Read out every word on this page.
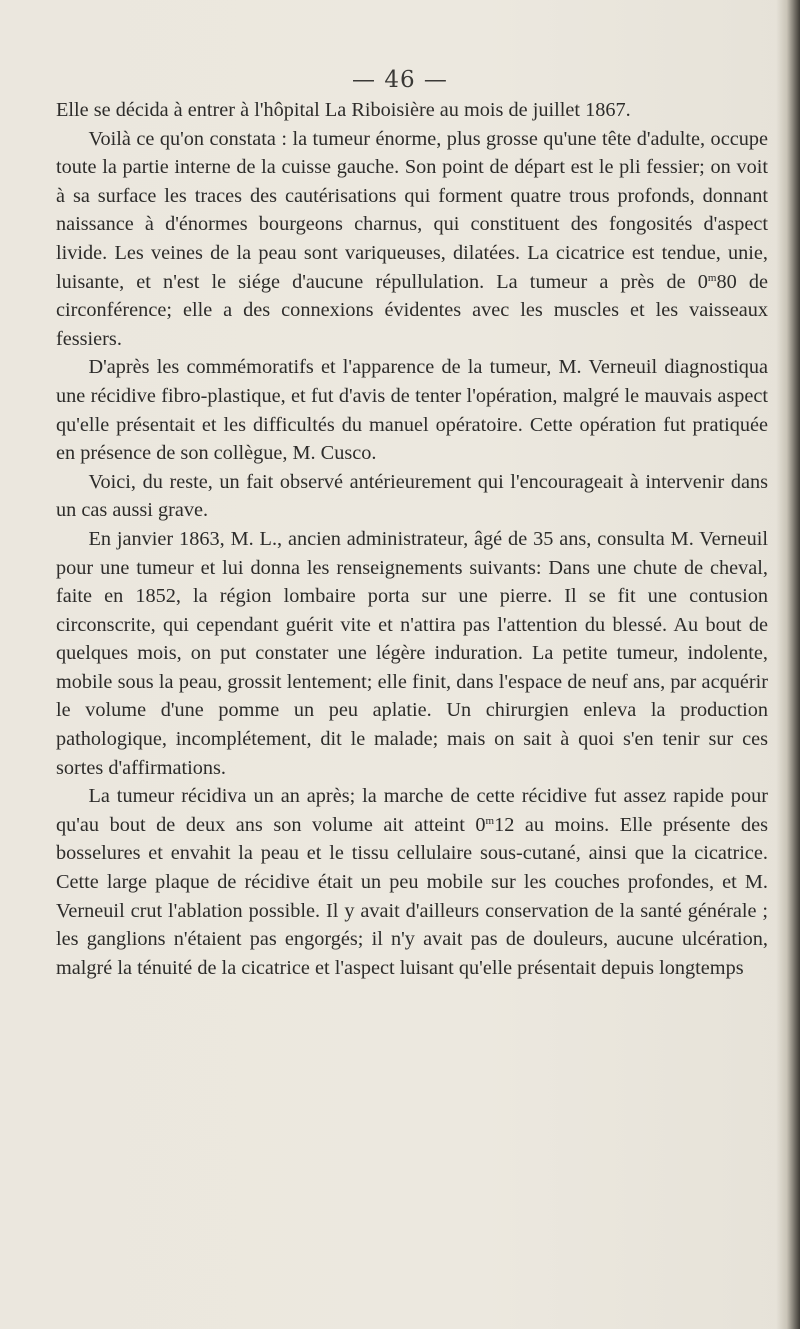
— 46 —

Elle se décida à entrer à l'hôpital La Riboisière au mois de juillet 1867.

Voilà ce qu'on constata : la tumeur énorme, plus grosse qu'une tête d'adulte, occupe toute la partie interne de la cuisse gauche. Son point de départ est le pli fessier; on voit à sa surface les traces des cautérisations qui forment quatre trous profonds, donnant naissance à d'énormes bourgeons charnus, qui constituent des fongosités d'aspect livide. Les veines de la peau sont variqueuses, dilatées. La cicatrice est tendue, unie, luisante, et n'est le siége d'aucune répullulation. La tumeur a près de 0$^m$80 de circonférence; elle a des connexions évidentes avec les muscles et les vaisseaux fessiers.

D'après les commémoratifs et l'apparence de la tumeur, M. Verneuil diagnostiqua une récidive fibro-plastique, et fut d'avis de tenter l'opération, malgré le mauvais aspect qu'elle présentait et les difficultés du manuel opératoire. Cette opération fut pratiquée en présence de son collègue, M. Cusco.

Voici, du reste, un fait observé antérieurement qui l'encourageait à intervenir dans un cas aussi grave.

En janvier 1863, M. L., ancien administrateur, âgé de 35 ans, consulta M. Verneuil pour une tumeur et lui donna les renseignements suivants: Dans une chute de cheval, faite en 1852, la région lombaire porta sur une pierre. Il se fit une contusion circonscrite, qui cependant guérit vite et n'attira pas l'attention du blessé. Au bout de quelques mois, on put constater une légère induration. La petite tumeur, indolente, mobile sous la peau, grossit lentement; elle finit, dans l'espace de neuf ans, par acquérir le volume d'une pomme un peu aplatie. Un chirurgien enleva la production pathologique, incomplétement, dit le malade; mais on sait à quoi s'en tenir sur ces sortes d'affirmations.

La tumeur récidiva un an après; la marche de cette récidive fut assez rapide pour qu'au bout de deux ans son volume ait atteint 0$^m$12 au moins. Elle présente des bosselures et envahit la peau et le tissu cellulaire sous-cutané, ainsi que la cicatrice. Cette large plaque de récidive était un peu mobile sur les couches profondes, et M. Verneuil crut l'ablation possible. Il y avait d'ailleurs conservation de la santé générale ; les ganglions n'étaient pas engorgés; il n'y avait pas de douleurs, aucune ulcération, malgré la ténuité de la cicatrice et l'aspect luisant qu'elle présentait depuis longtemps
